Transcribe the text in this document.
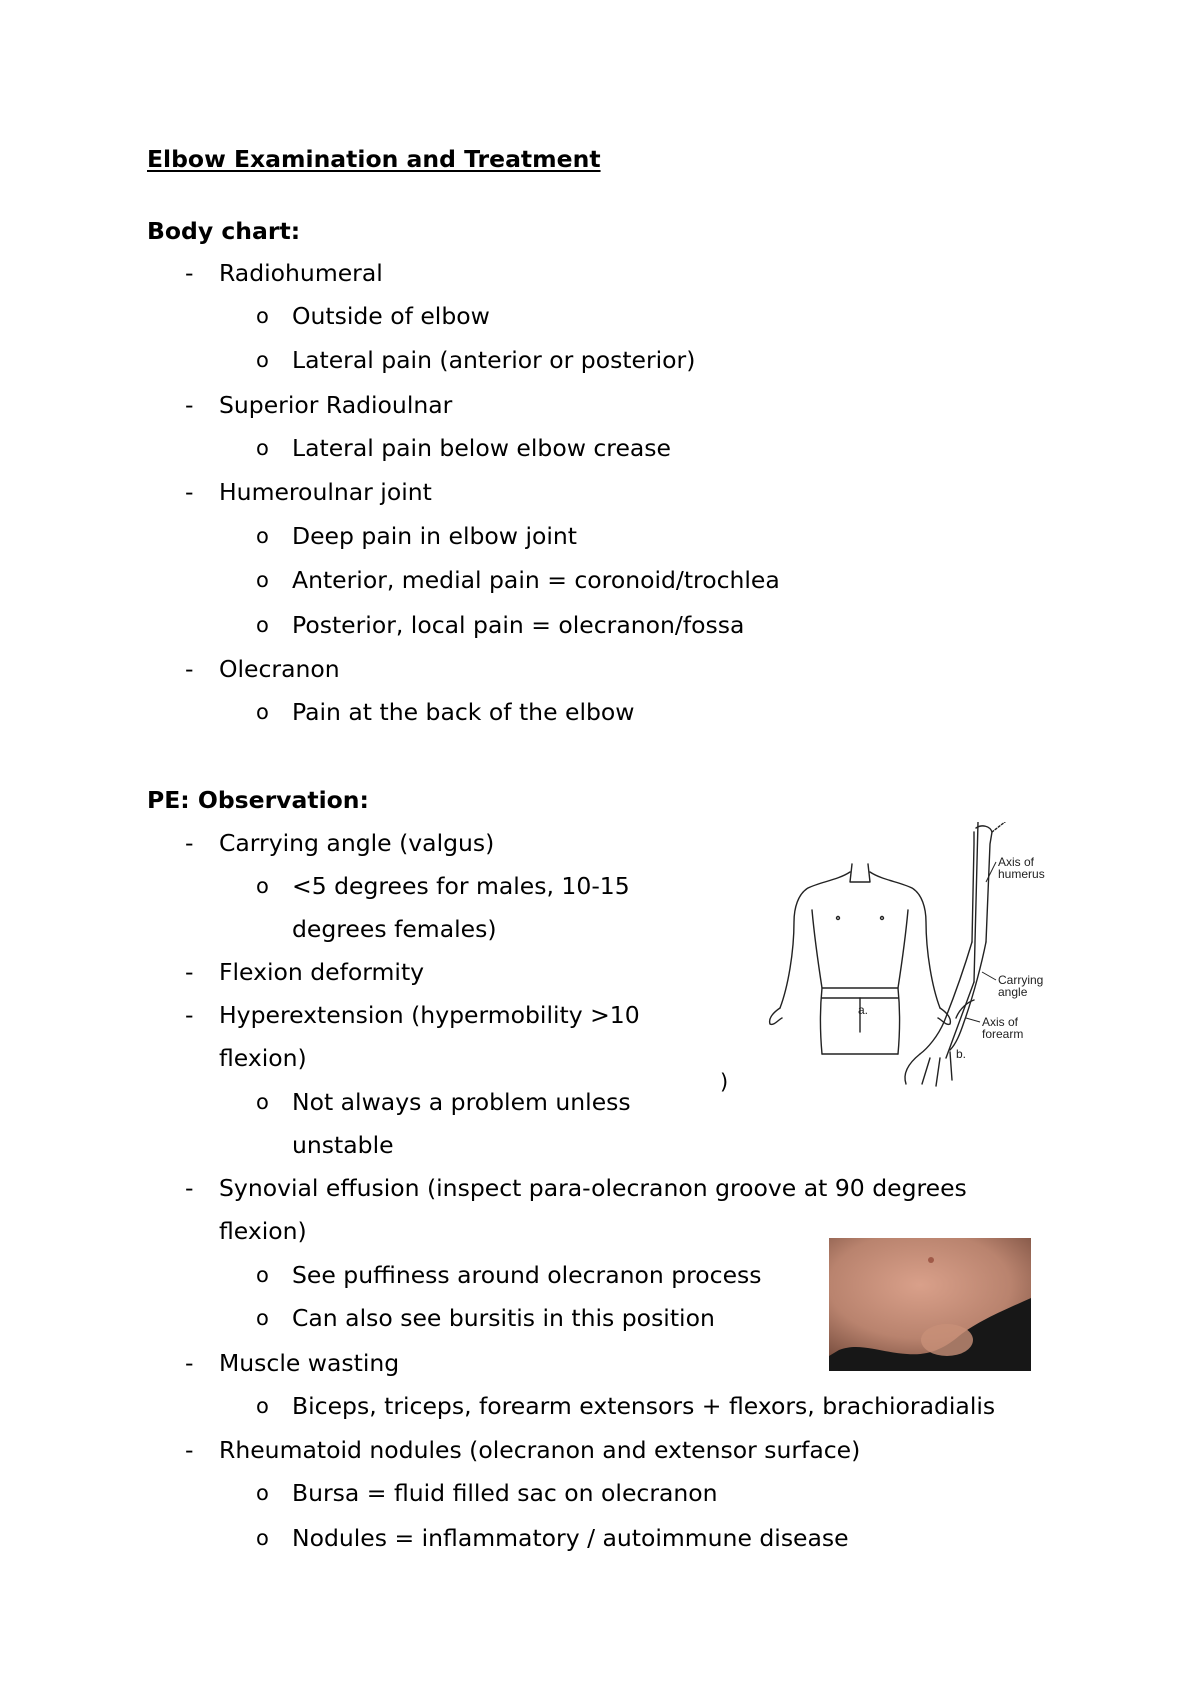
Elbow Examination and Treatment
Body chart:
- Radiohumeral
o Outside of elbow
o Lateral pain (anterior or posterior)
- Superior Radioulnar
o Lateral pain below elbow crease
- Humeroulnar joint
o Deep pain in elbow joint
o Anterior, medial pain = coronoid/trochlea
o Posterior, local pain = olecranon/fossa
- Olecranon
o Pain at the back of the elbow
PE: Observation:
- Carrying angle (valgus)
o <5 degrees for males, 10-15
degrees females)
- Flexion deformity
- Hyperextension (hypermobility >10
flexion)
o Not always a problem unless
unstable
- Synovial effusion (inspect para-olecranon groove at 90 degrees
flexion)
o See puffiness around olecranon process
o Can also see bursitis in this position
- Muscle wasting
o Biceps, triceps, forearm extensors + flexors, brachioradialis
- Rheumatoid nodules (olecranon and extensor surface)
o Bursa = fluid filled sac on olecranon
o Nodules = inflammatory / autoimmune disease
)
Axis of
humerus
Carrying
angle
Axis of
forearm
a.
b.
